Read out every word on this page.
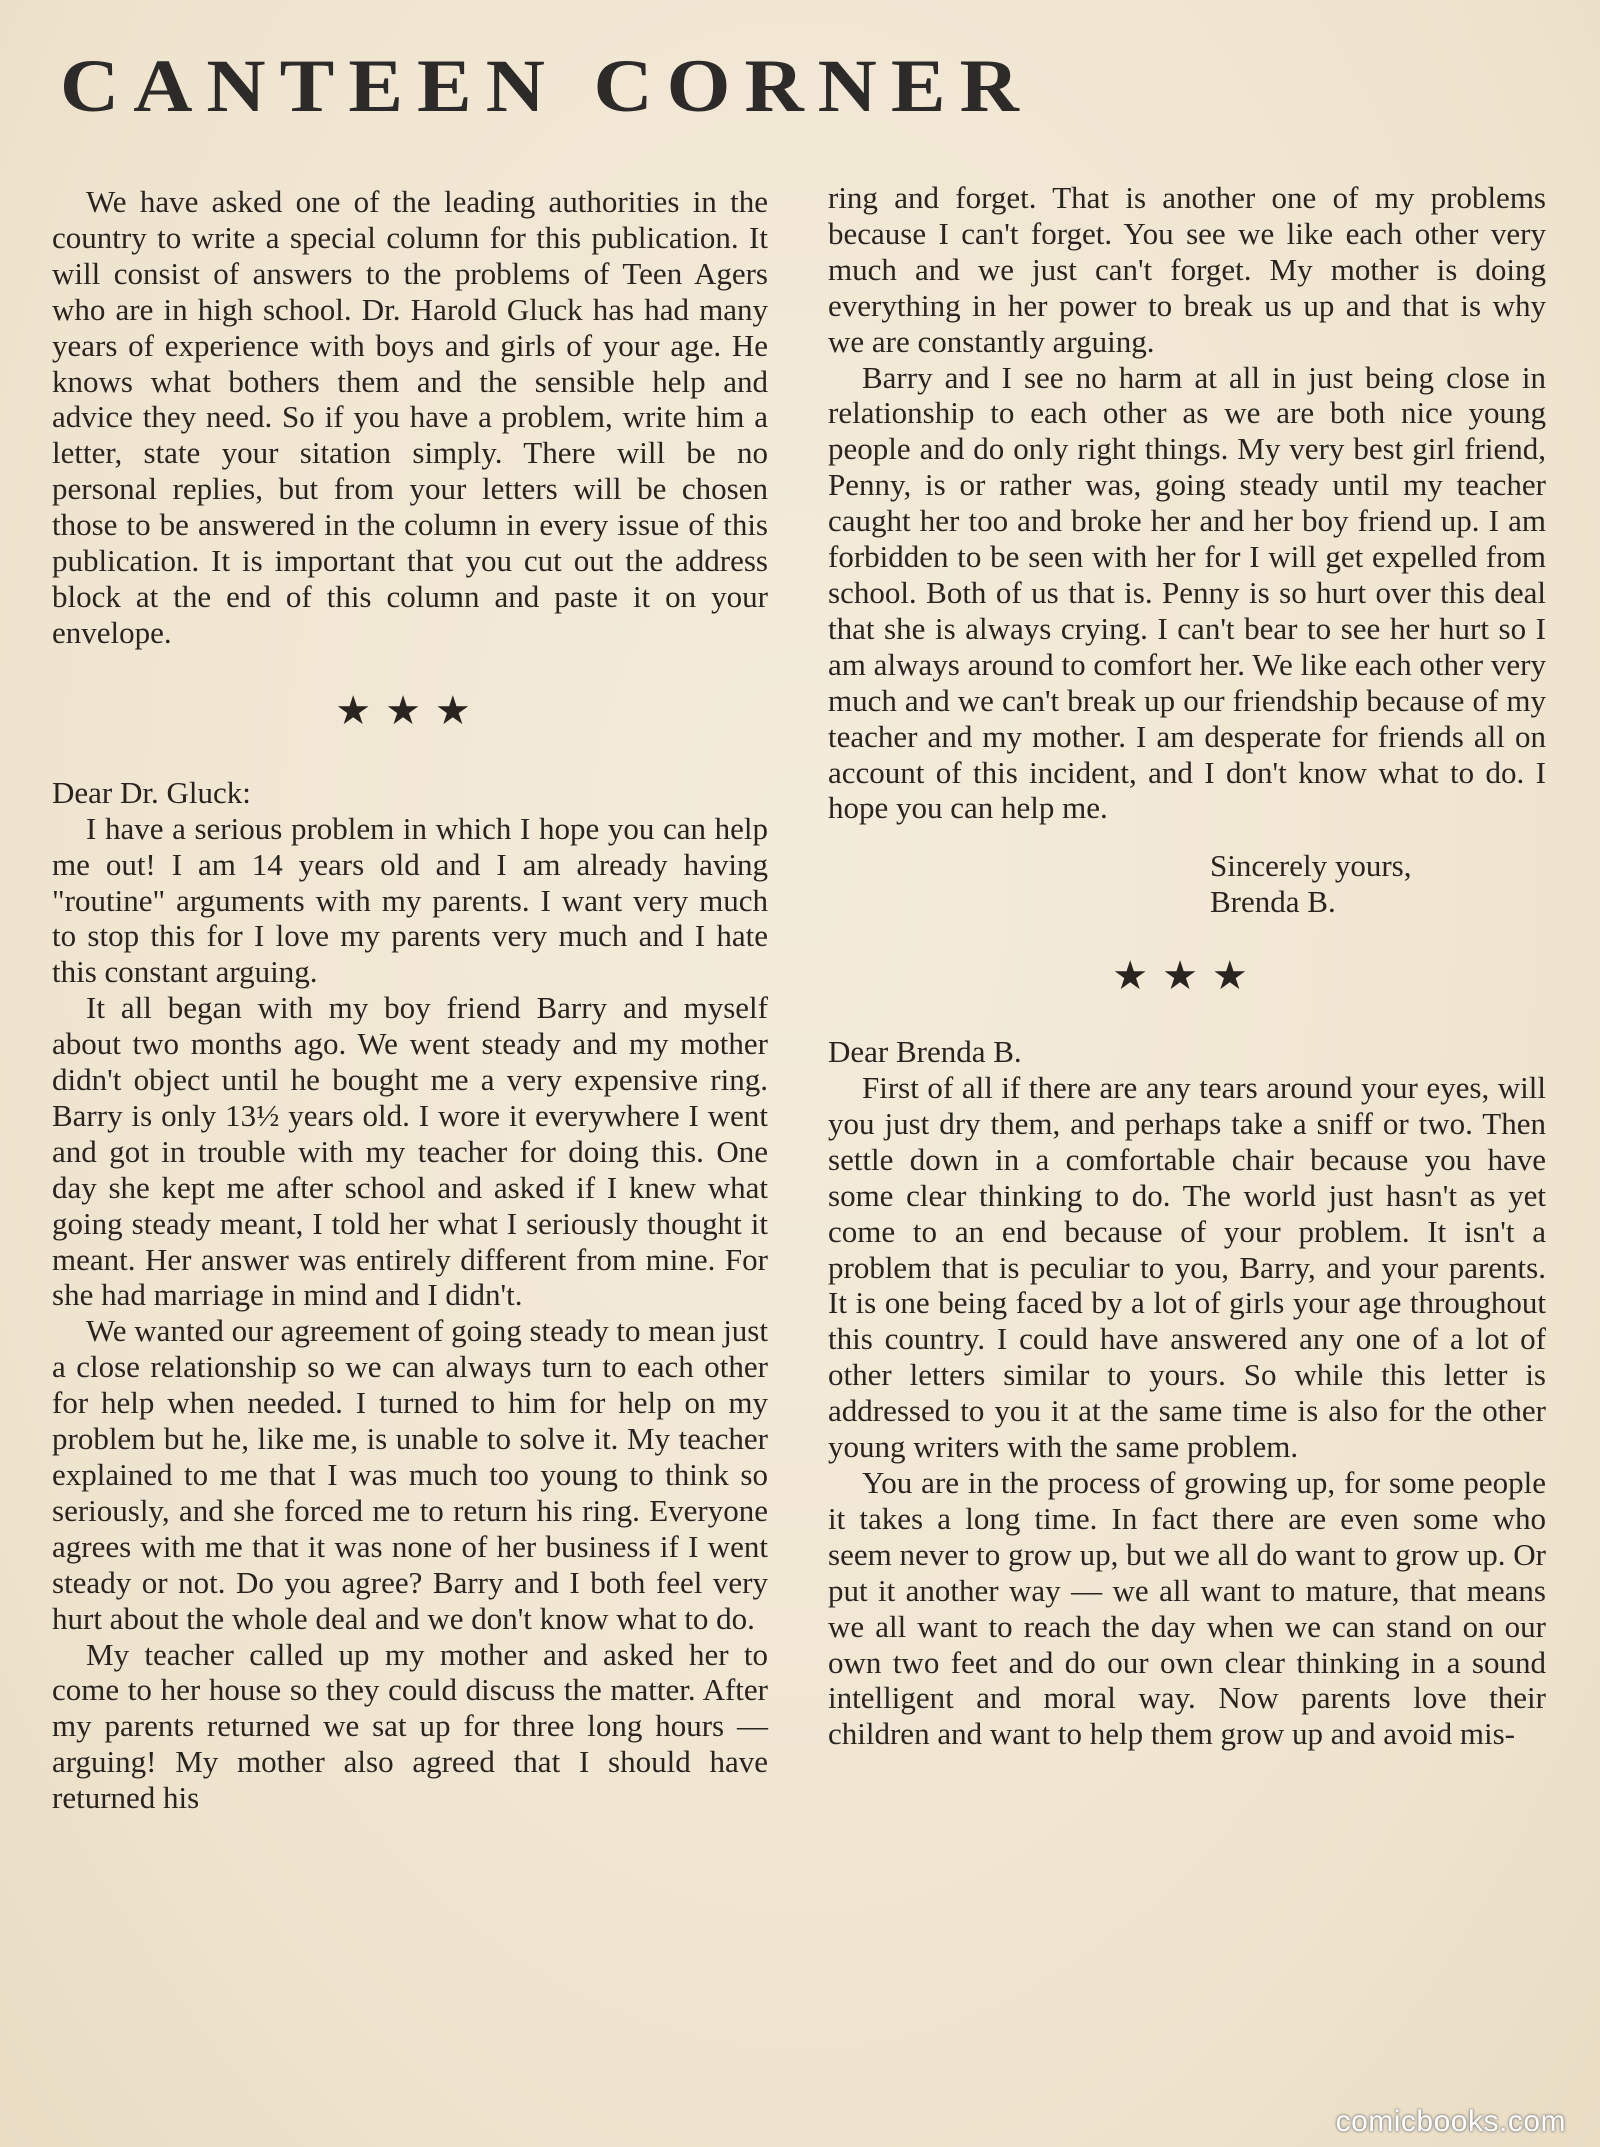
CANTEEN CORNER

We have asked one of the leading authorities in the country to write a special column for this publication. It will consist of answers to the problems of Teen Agers who are in high school. Dr. Harold Gluck has had many years of experience with boys and girls of your age. He knows what bothers them and the sensible help and advice they need. So if you have a problem, write him a letter, state your sitation simply. There will be no personal replies, but from your letters will be chosen those to be answered in the column in every issue of this publication. It is important that you cut out the address block at the end of this column and paste it on your envelope.

★★★

Dear Dr. Gluck:

I have a serious problem in which I hope you can help me out! I am 14 years old and I am already having "routine" arguments with my parents. I want very much to stop this for I love my parents very much and I hate this constant arguing.

It all began with my boy friend Barry and myself about two months ago. We went steady and my mother didn't object until he bought me a very expensive ring. Barry is only 13½ years old. I wore it everywhere I went and got in trouble with my teacher for doing this. One day she kept me after school and asked if I knew what going steady meant, I told her what I seriously thought it meant. Her answer was entirely different from mine. For she had marriage in mind and I didn't.

We wanted our agreement of going steady to mean just a close relationship so we can always turn to each other for help when needed. I turned to him for help on my problem but he, like me, is unable to solve it. My teacher explained to me that I was much too young to think so seriously, and she forced me to return his ring. Everyone agrees with me that it was none of her business if I went steady or not. Do you agree? Barry and I both feel very hurt about the whole deal and we don't know what to do.

My teacher called up my mother and asked her to come to her house so they could discuss the matter. After my parents returned we sat up for three long hours — arguing! My mother also agreed that I should have returned his

ring and forget. That is another one of my problems because I can't forget. You see we like each other very much and we just can't forget. My mother is doing everything in her power to break us up and that is why we are constantly arguing.

Barry and I see no harm at all in just being close in relationship to each other as we are both nice young people and do only right things. My very best girl friend, Penny, is or rather was, going steady until my teacher caught her too and broke her and her boy friend up. I am forbidden to be seen with her for I will get expelled from school. Both of us that is. Penny is so hurt over this deal that she is always crying. I can't bear to see her hurt so I am always around to comfort her. We like each other very much and we can't break up our friendship because of my teacher and my mother. I am desperate for friends all on account of this incident, and I don't know what to do. I hope you can help me.

Sincerely yours,

Brenda B.

★★★

Dear Brenda B.

First of all if there are any tears around your eyes, will you just dry them, and perhaps take a sniff or two. Then settle down in a comfortable chair because you have some clear thinking to do. The world just hasn't as yet come to an end because of your problem. It isn't a problem that is peculiar to you, Barry, and your parents. It is one being faced by a lot of girls your age throughout this country. I could have answered any one of a lot of other letters similar to yours. So while this letter is addressed to you it at the same time is also for the other young writers with the same problem.

You are in the process of growing up, for some people it takes a long time. In fact there are even some who seem never to grow up, but we all do want to grow up. Or put it another way — we all want to mature, that means we all want to reach the day when we can stand on our own two feet and do our own clear thinking in a sound intelligent and moral way. Now parents love their children and want to help them grow up and avoid mis-

comicbooks.com
